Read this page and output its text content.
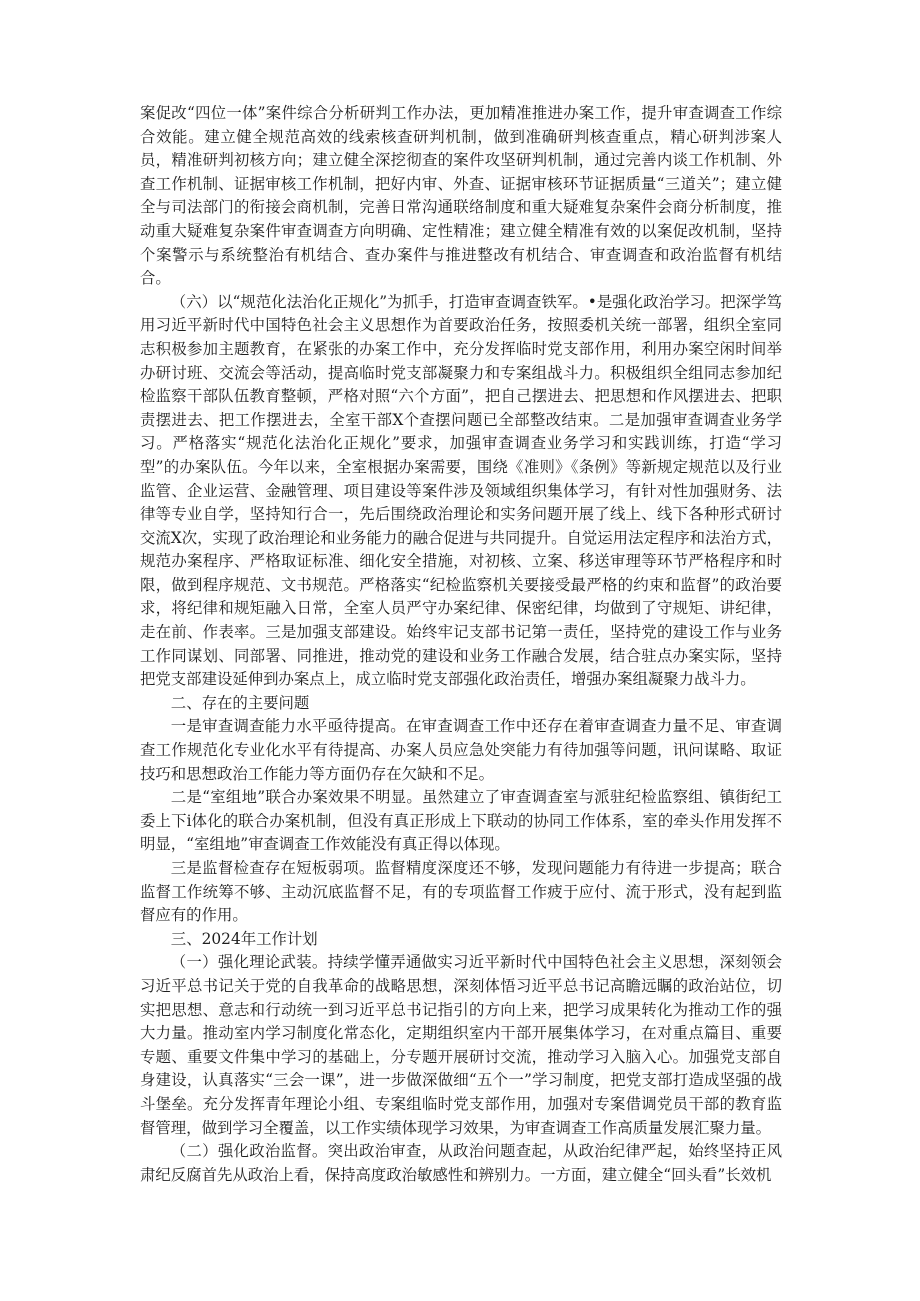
案促改“四位一体”案件综合分析研判工作办法，更加精准推进办案工作，提升审查调查工作综合效能。建立健全规范高效的线索核查研判机制，做到准确研判核查重点，精心研判涉案人员，精准研判初核方向；建立健全深挖彻查的案件攻坚研判机制，通过完善内谈工作机制、外查工作机制、证据审核工作机制，把好内审、外查、证据审核环节证据质量“三道关”；建立健全与司法部门的衔接会商机制，完善日常沟通联络制度和重大疑难复杂案件会商分析制度，推动重大疑难复杂案件审查调查方向明确、定性精准；建立健全精准有效的以案促改机制，坚持个案警示与系统整治有机结合、查办案件与推进整改有机结合、审查调查和政治监督有机结合。

（六）以“规范化法治化正规化”为抓手，打造审查调查铁军。•是强化政治学习。把深学笃用习近平新时代中国特色社会主义思想作为首要政治任务，按照委机关统一部署，组织全室同志积极参加主题教育，在紧张的办案工作中，充分发挥临时党支部作用，利用办案空闲时间举办研讨班、交流会等活动，提高临时党支部凝聚力和专案组战斗力。积极组织全组同志参加纪检监察干部队伍教育整顿，严格对照“六个方面”，把自己摆进去、把思想和作风摆进去、把职责摆进去、把工作摆进去，全室干部X个查摆问题已全部整改结束。二是加强审查调查业务学习。严格落实“规范化法治化正规化”要求，加强审查调查业务学习和实践训练，打造“学习型”的办案队伍。今年以来，全室根据办案需要，围绕《准则》《条例》等新规定规范以及行业监管、企业运营、金融管理、项目建设等案件涉及领域组织集体学习，有针对性加强财务、法律等专业自学，坚持知行合一，先后围绕政治理论和实务问题开展了线上、线下各种形式研讨交流X次，实现了政治理论和业务能力的融合促进与共同提升。自觉运用法定程序和法治方式，规范办案程序、严格取证标准、细化安全措施，对初核、立案、移送审理等环节严格程序和时限，做到程序规范、文书规范。严格落实“纪检监察机关要接受最严格的约束和监督”的政治要求，将纪律和规矩融入日常，全室人员严守办案纪律、保密纪律，均做到了守规矩、讲纪律，走在前、作表率。三是加强支部建设。始终牢记支部书记第一责任，坚持党的建设工作与业务工作同谋划、同部署、同推进，推动党的建设和业务工作融合发展，结合驻点办案实际，坚持把党支部建设延伸到办案点上，成立临时党支部强化政治责任，增强办案组凝聚力战斗力。

二、存在的主要问题

一是审查调查能力水平亟待提高。在审查调查工作中还存在着审查调查力量不足、审查调查工作规范化专业化水平有待提高、办案人员应急处突能力有待加强等问题，讯问谋略、取证技巧和思想政治工作能力等方面仍存在欠缺和不足。

二是“室组地”联合办案效果不明显。虽然建立了审查调查室与派驻纪检监察组、镇街纪工委上下i体化的联合办案机制，但没有真正形成上下联动的协同工作体系，室的牵头作用发挥不明显，“室组地”审查调查工作效能没有真正得以体现。

三是监督检查存在短板弱项。监督精度深度还不够，发现问题能力有待进一步提高；联合监督工作统筹不够、主动沉底监督不足，有的专项监督工作疲于应付、流于形式，没有起到监督应有的作用。

三、2024年工作计划

（一）强化理论武装。持续学懂弄通做实习近平新时代中国特色社会主义思想，深刻领会习近平总书记关于党的自我革命的战略思想，深刻体悟习近平总书记高瞻远瞩的政治站位，切实把思想、意志和行动统一到习近平总书记指引的方向上来，把学习成果转化为推动工作的强大力量。推动室内学习制度化常态化，定期组织室内干部开展集体学习，在对重点篇目、重要专题、重要文件集中学习的基础上，分专题开展研讨交流，推动学习入脑入心。加强党支部自身建设，认真落实“三会一课”，进一步做深做细“五个一”学习制度，把党支部打造成坚强的战斗堡垒。充分发挥青年理论小组、专案组临时党支部作用，加强对专案借调党员干部的教育监督管理，做到学习全覆盖，以工作实绩体现学习效果，为审查调查工作高质量发展汇聚力量。

（二）强化政治监督。突出政治审查，从政治问题查起，从政治纪律严起，始终坚持正风肃纪反腐首先从政治上看，保持高度政治敏感性和辨别力。一方面，建立健全“回头看”长效机
